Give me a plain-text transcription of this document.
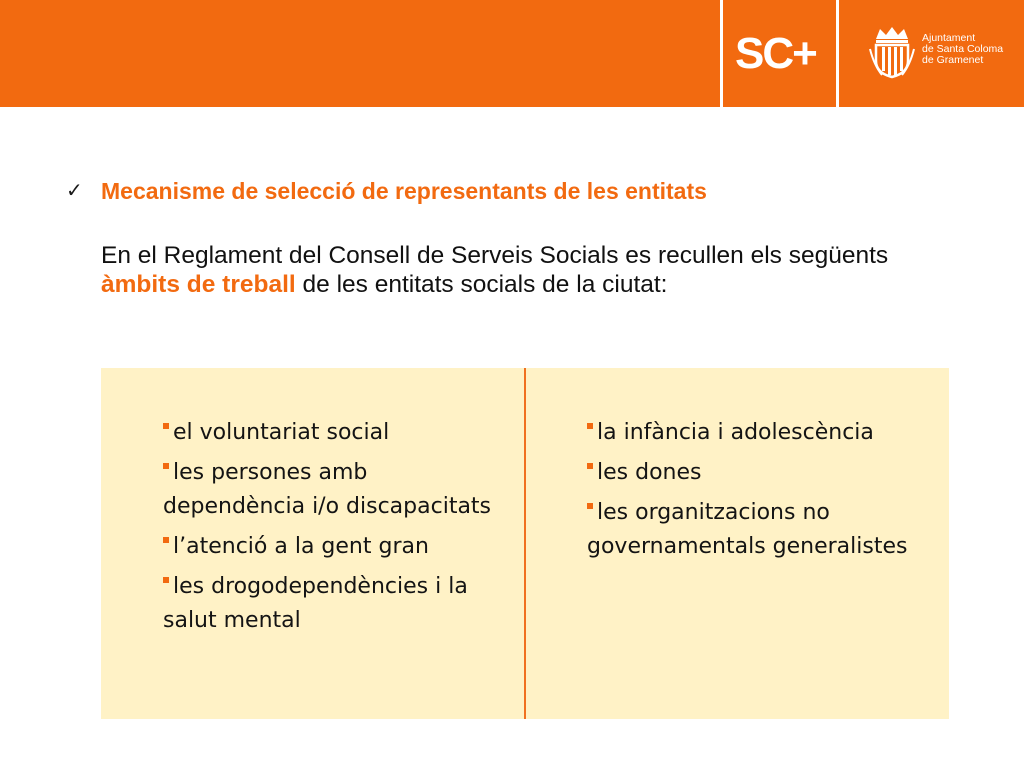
SC+	Ajuntament
de Santa Coloma
de Gramenet
✓ Mecanisme de selecció de representants de les entitats
En el Reglament del Consell de Serveis Socials es recullen els següents àmbits de treball de les entitats socials de la ciutat:
el voluntariat social
les persones amb dependència i/o discapacitats
l’atenció a la gent gran
les drogodependències i la salut mental
la infància i adolescència
les dones
les organitzacions no governamentals generalistes
